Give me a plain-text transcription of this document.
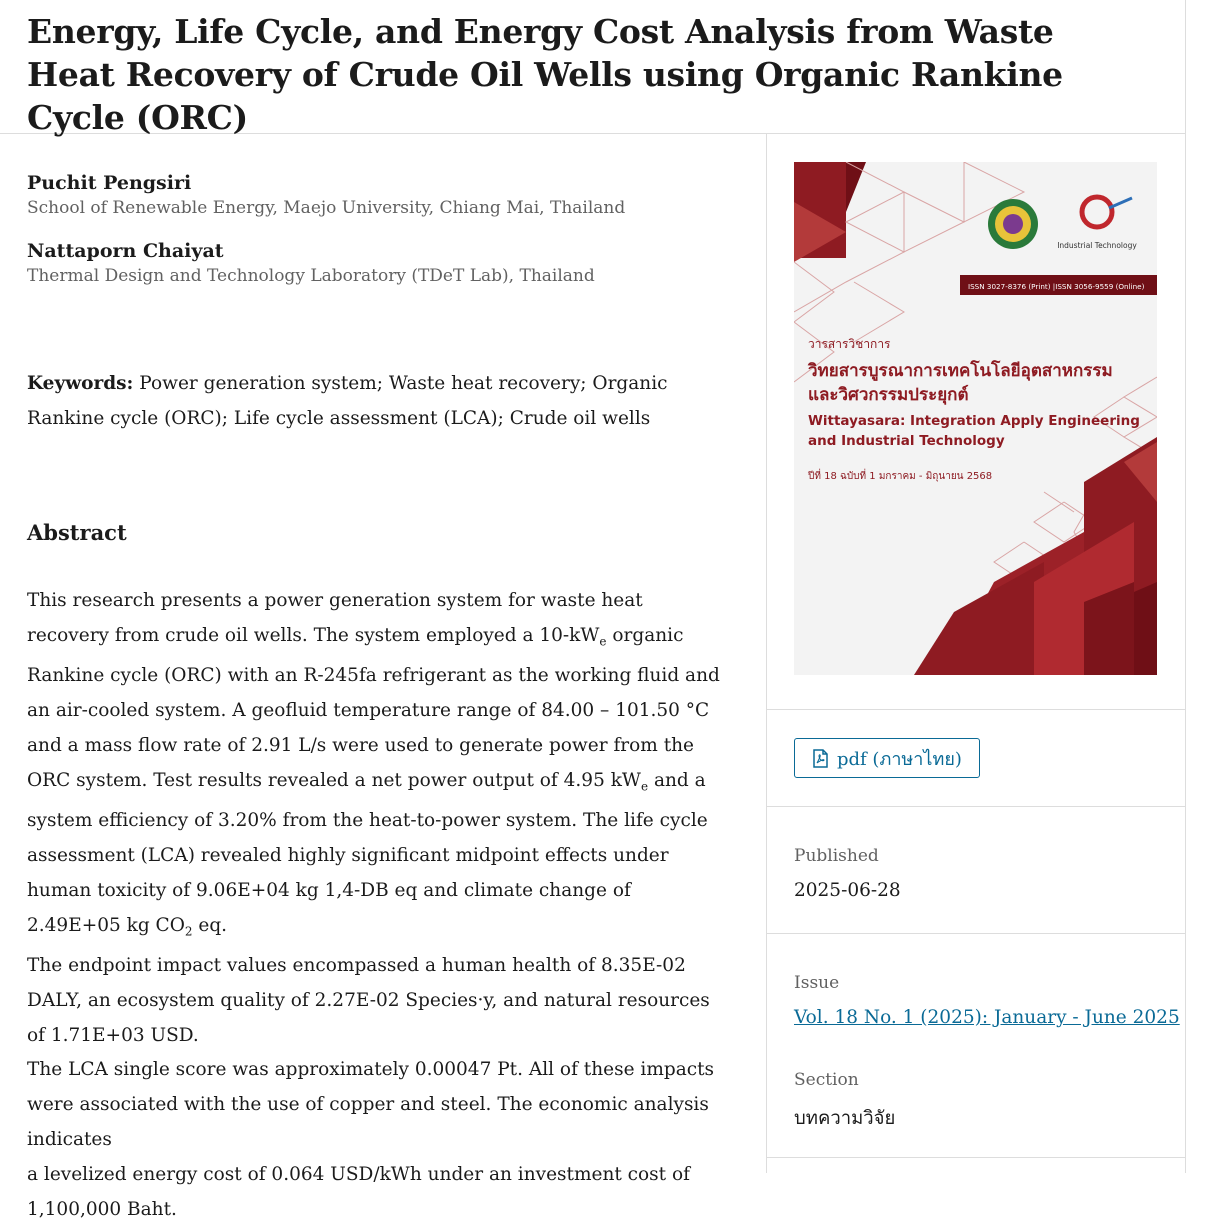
Energy, Life Cycle, and Energy Cost Analysis from Waste Heat Recovery of Crude Oil Wells using Organic Rankine Cycle (ORC)
Puchit Pengsiri
School of Renewable Energy, Maejo University, Chiang Mai, Thailand
Nattaporn Chaiyat
Thermal Design and Technology Laboratory (TDeT Lab), Thailand
Keywords: Power generation system; Waste heat recovery; Organic Rankine cycle (ORC); Life cycle assessment (LCA); Crude oil wells
Abstract

This research presents a power generation system for waste heat recovery from crude oil wells. The system employed a $10-kW_e$ organic Rankine cycle (ORC) with an R-245fa refrigerant as the working fluid and an air-cooled system. A geofluid temperature range of 84.00 – 101.50 °C and a mass flow rate of 2.91 L/s were used to generate power from the ORC system. Test results revealed a net power output of 4.95 $kW_e$ and a system efficiency of 3.20% from the heat-to-power system. The life cycle assessment (LCA) revealed highly significant midpoint effects under human toxicity of 9.06E+04 kg 1,4-DB eq and climate change of 2.49E+05 kg $CO_2$ eq.

The endpoint impact values encompassed a human health of 8.35E-02 DALY, an ecosystem quality of 2.27E-02 Species·y, and natural resources of 1.71E+03 USD.

The LCA single score was approximately 0.00047 Pt. All of these impacts were associated with the use of copper and steel. The economic analysis indicates

a levelized energy cost of 0.064 USD/kWh under an investment cost of 1,100,000 Baht.

Industrial Technology
ISSN 3027-8376 (Print) |ISSN 3056-9559 (Online)
วารสารวิชาการ
วิทยสารบูรณาการเทคโนโลยีอุตสาหกรรม
และวิศวกรรมประยุกต์
Wittayasara: Integration Apply Engineering
and Industrial Technology
ปีที่ 18 ฉบับที่ 1 มกราคม - มิถุนายน 2568
pdf (ภาษาไทย)
Published
2025-06-28
Issue
Vol. 18 No. 1 (2025): January - June 2025
Section
บทความวิจัย
